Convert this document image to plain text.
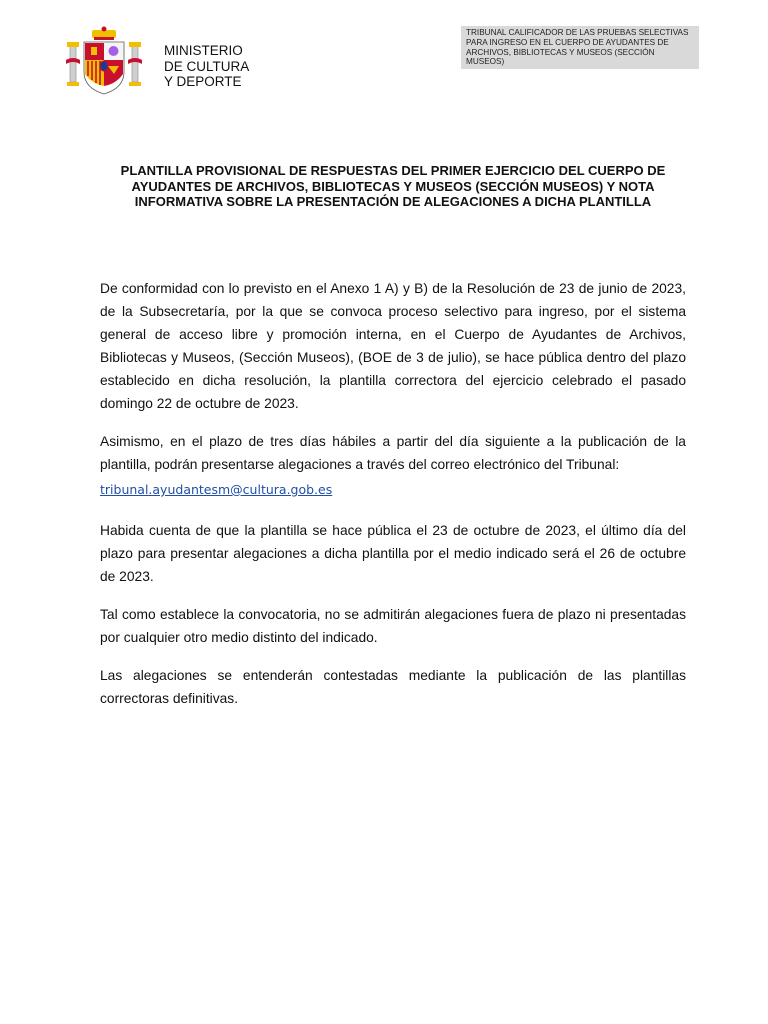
MINISTERIO
DE CULTURA
Y DEPORTE
TRIBUNAL CALIFICADOR DE LAS PRUEBAS SELECTIVAS PARA INGRESO EN EL CUERPO DE AYUDANTES DE ARCHIVOS, BIBLIOTECAS Y MUSEOS (SECCIÓN MUSEOS)
PLANTILLA PROVISIONAL DE RESPUESTAS DEL PRIMER EJERCICIO DEL CUERPO DE AYUDANTES DE ARCHIVOS, BIBLIOTECAS Y MUSEOS (SECCIÓN MUSEOS) Y NOTA INFORMATIVA SOBRE LA PRESENTACIÓN DE ALEGACIONES A DICHA PLANTILLA

De conformidad con lo previsto en el Anexo 1 A) y B) de la Resolución de 23 de junio de 2023, de la Subsecretaría, por la que se convoca proceso selectivo para ingreso, por el sistema general de acceso libre y promoción interna, en el Cuerpo de Ayudantes de Archivos, Bibliotecas y Museos, (Sección Museos), (BOE de 3 de julio), se hace pública dentro del plazo establecido en dicha resolución, la plantilla correctora del ejercicio celebrado el pasado domingo 22 de octubre de 2023.

Asimismo, en el plazo de tres días hábiles a partir del día siguiente a la publicación de la plantilla, podrán presentarse alegaciones a través del correo electrónico del Tribunal:
tribunal.ayudantesm@cultura.gob.es

Habida cuenta de que la plantilla se hace pública el 23 de octubre de 2023, el último día del plazo para presentar alegaciones a dicha plantilla por el medio indicado será el 26 de octubre de 2023.

Tal como establece la convocatoria, no se admitirán alegaciones fuera de plazo ni presentadas por cualquier otro medio distinto del indicado.

Las alegaciones se entenderán contestadas mediante la publicación de las plantillas correctoras definitivas.
